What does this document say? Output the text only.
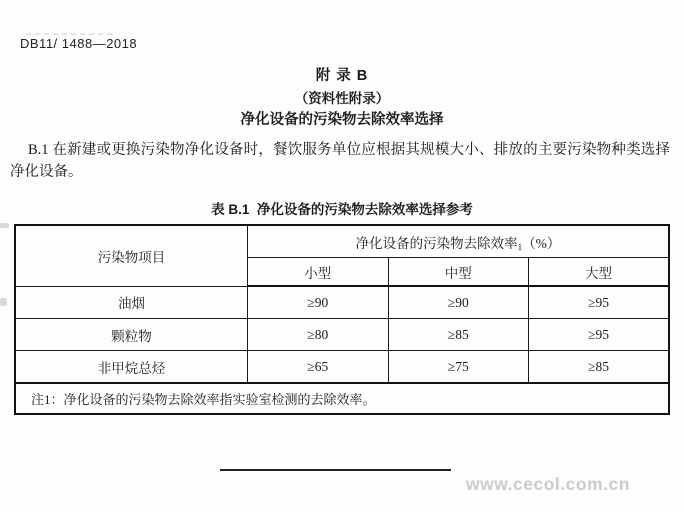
DB11/ 1488—2018
附 录 B
（资料性附录）
净化设备的污染物去除效率选择

B.1 在新建或更换污染物净化设备时，餐饮服务单位应根据其规模大小、排放的主要污染物种类选择净化设备。

表 B.1  净化设备的污染物去除效率选择参考
污染物项目	净化设备的污染物去除效率1（%）		
	小型	中型	大型
油烟	≥90	≥90	≥95
颗粒物	≥80	≥85	≥95
非甲烷总烃	≥65	≥75	≥85
注1：净化设备的污染物去除效率指实验室检测的去除效率。			
www.cecol.com.cn
